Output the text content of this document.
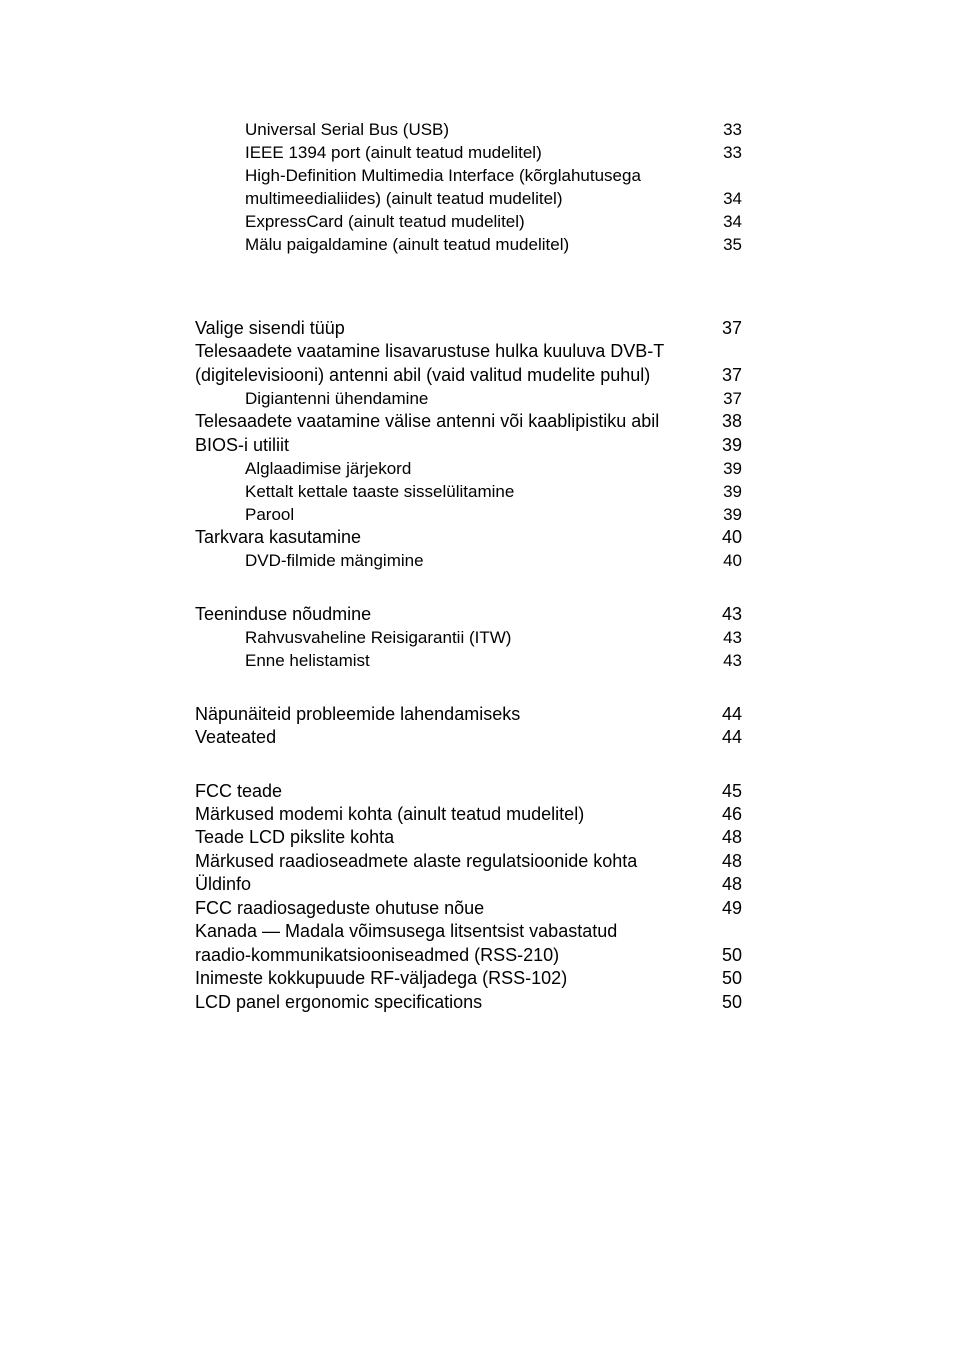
Universal Serial Bus (USB)	33
IEEE 1394 port (ainult teatud mudelitel)	33
High-Definition Multimedia Interface (kõrglahutusega
multimeedialiides) (ainult teatud mudelitel)	34
ExpressCard (ainult teatud mudelitel)	34
Mälu paigaldamine (ainult teatud mudelitel)	35
Valige sisendi tüüp	37
Telesaadete vaatamine lisavarustuse hulka kuuluva DVB-T
(digitelevisiooni) antenni abil (vaid valitud mudelite puhul)	37
Digiantenni ühendamine	37
Telesaadete vaatamine välise antenni või kaablipistiku abil	38
BIOS-i utiliit	39
Alglaadimise järjekord	39
Kettalt kettale taaste sisselülitamine	39
Parool	39
Tarkvara kasutamine	40
DVD-filmide mängimine	40
Teeninduse nõudmine	43
Rahvusvaheline Reisigarantii (ITW)	43
Enne helistamist	43
Näpunäiteid probleemide lahendamiseks	44
Veateated	44
FCC teade	45
Märkused modemi kohta (ainult teatud mudelitel)	46
Teade LCD pikslite kohta	48
Märkused raadioseadmete alaste regulatsioonide kohta	48
Üldinfo	48
FCC raadiosageduste ohutuse nõue	49
Kanada — Madala võimsusega litsentsist vabastatud
raadio-kommunikatsiooniseadmed (RSS-210)	50
Inimeste kokkupuude RF-väljadega (RSS-102)	50
LCD panel ergonomic specifications	50
